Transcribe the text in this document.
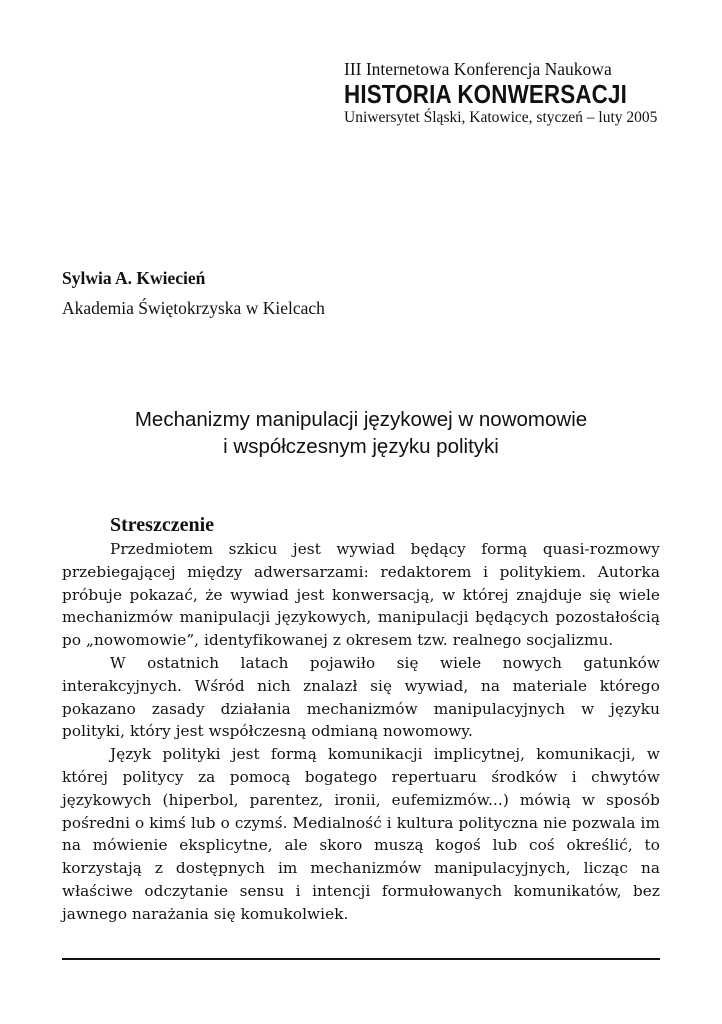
III Internetowa Konferencja Naukowa
HISTORIA KONWERSACJI
Uniwersytet Śląski, Katowice, styczeń – luty 2005
Sylwia A. Kwiecień
Akademia Świętokrzyska w Kielcach
Mechanizmy manipulacji językowej w nowomowie
i współczesnym języku polityki
Streszczenie

Przedmiotem szkicu jest wywiad będący formą quasi-rozmowy przebiegającej między adwersarzami: redaktorem i politykiem. Autorka próbuje pokazać, że wywiad jest konwersacją, w której znajduje się wiele mechanizmów manipulacji językowych, manipulacji będących pozostałością po „nowomowie”, identyfikowanej z okresem tzw. realnego socjalizmu.

W ostatnich latach pojawiło się wiele nowych gatunków interakcyjnych. Wśród nich znalazł się wywiad, na materiale którego pokazano zasady działania mechanizmów manipulacyjnych w języku polityki, który jest współczesną odmianą nowomowy.

Język polityki jest formą komunikacji implicytnej, komunikacji, w której politycy za pomocą bogatego repertuaru środków i chwytów językowych (hiperbol, parentez, ironii, eufemizmów...) mówią w sposób pośredni o kimś lub o czymś. Medialność i kultura polityczna nie pozwala im na mówienie eksplicytne, ale skoro muszą kogoś lub coś określić, to korzystają z dostępnych im mechanizmów manipulacyjnych, licząc na właściwe odczytanie sensu i intencji formułowanych komunikatów, bez jawnego narażania się komukolwiek.
